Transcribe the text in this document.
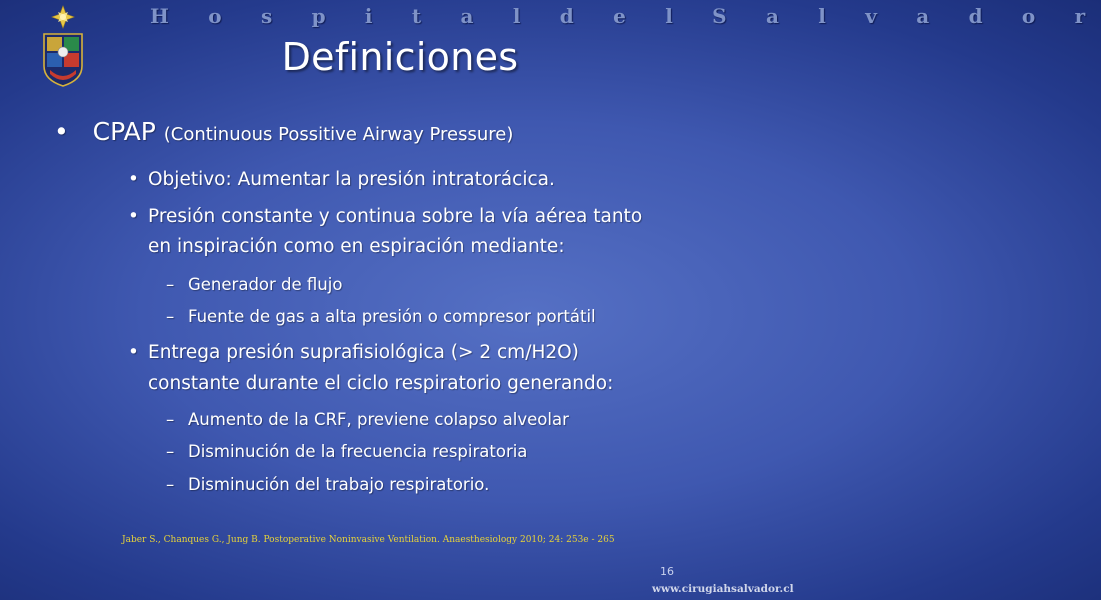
H o s p i t a l d e l S a l v a d o r
Definiciones
• CPAP (Continuous Possitive Airway Pressure)
• Objetivo: Aumentar la presión intratorácica.
• Presión constante y continua sobre la vía aérea tanto
en inspiración como en espiración mediante:
– Generador de flujo
– Fuente de gas a alta presión o compresor portátil
• Entrega presión suprafisiológica (> 2 cm/H2O)
constante durante el ciclo respiratorio generando:
– Aumento de la CRF, previene colapso alveolar
– Disminución de la frecuencia respiratoria
– Disminución del trabajo respiratorio.
Jaber S., Chanques G., Jung B. Postoperative Noninvasive Ventilation. Anaesthesiology 2010; 24: 253e - 265
16
www.cirugiahsalvador.cl
